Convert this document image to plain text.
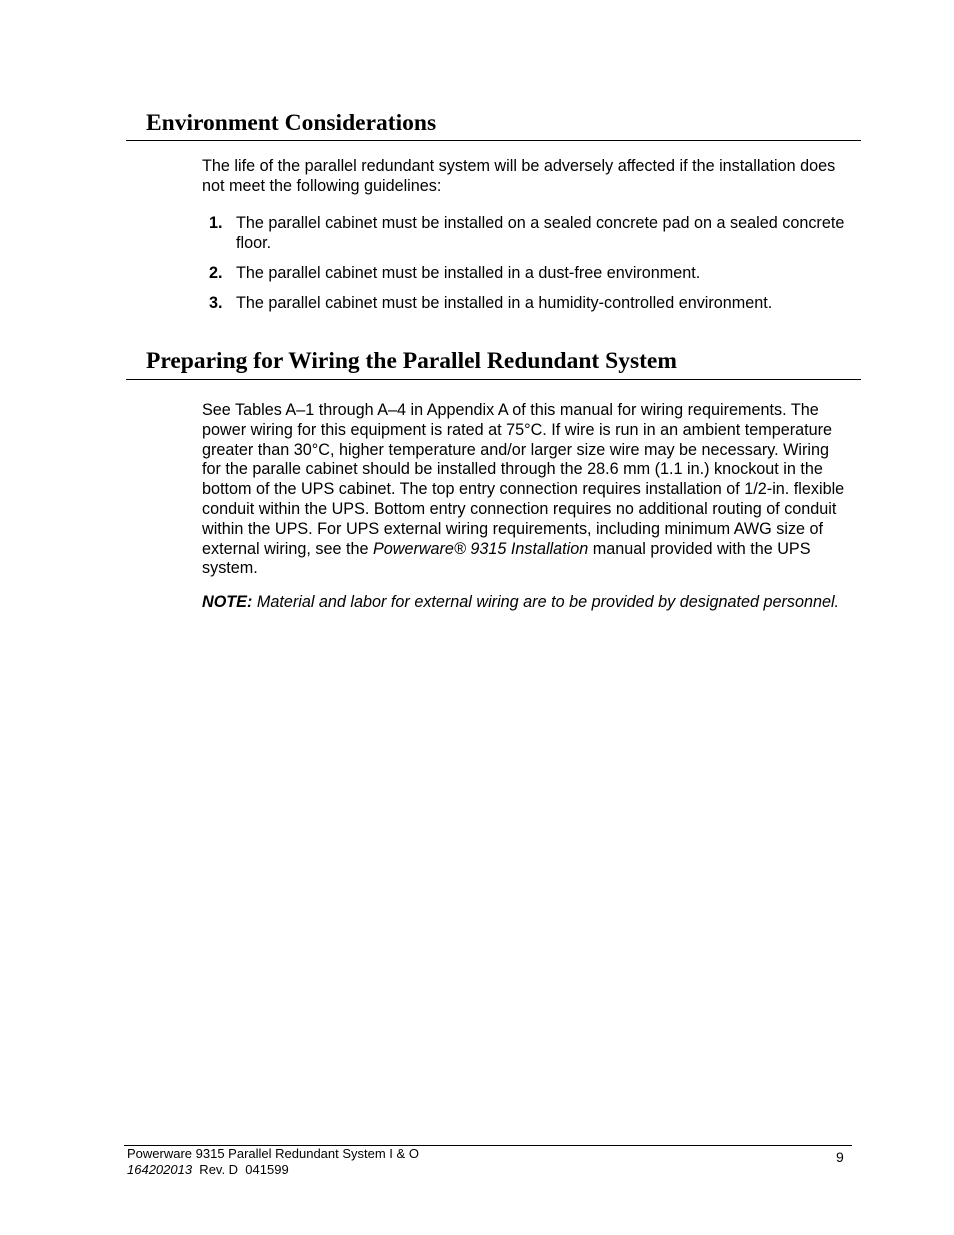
Environment Considerations

The life of the parallel redundant system will be adversely affected if the installation does not meet the following guidelines:

1. The parallel cabinet must be installed on a sealed concrete pad on a sealed concrete floor.
2. The parallel cabinet must be installed in a dust-free environment.
3. The parallel cabinet must be installed in a humidity-controlled environment.
Preparing for Wiring the Parallel Redundant System

See Tables A–1 through A–4 in Appendix A of this manual for wiring requirements. The power wiring for this equipment is rated at 75°C. If wire is run in an ambient temperature greater than 30°C, higher temperature and/or larger size wire may be necessary. Wiring for the paralle cabinet should be installed through the 28.6 mm (1.1 in.) knockout in the bottom of the UPS cabinet. The top entry connection requires installation of 1/2-in. flexible conduit within the UPS. Bottom entry connection requires no additional routing of conduit within the UPS. For UPS external wiring requirements, including minimum AWG size of external wiring, see the Powerware® 9315 Installation manual provided with the UPS system.

NOTE: Material and labor for external wiring are to be provided by designated personnel.

Powerware 9315 Parallel Redundant System I & O
164202013  Rev. D  041599
9
